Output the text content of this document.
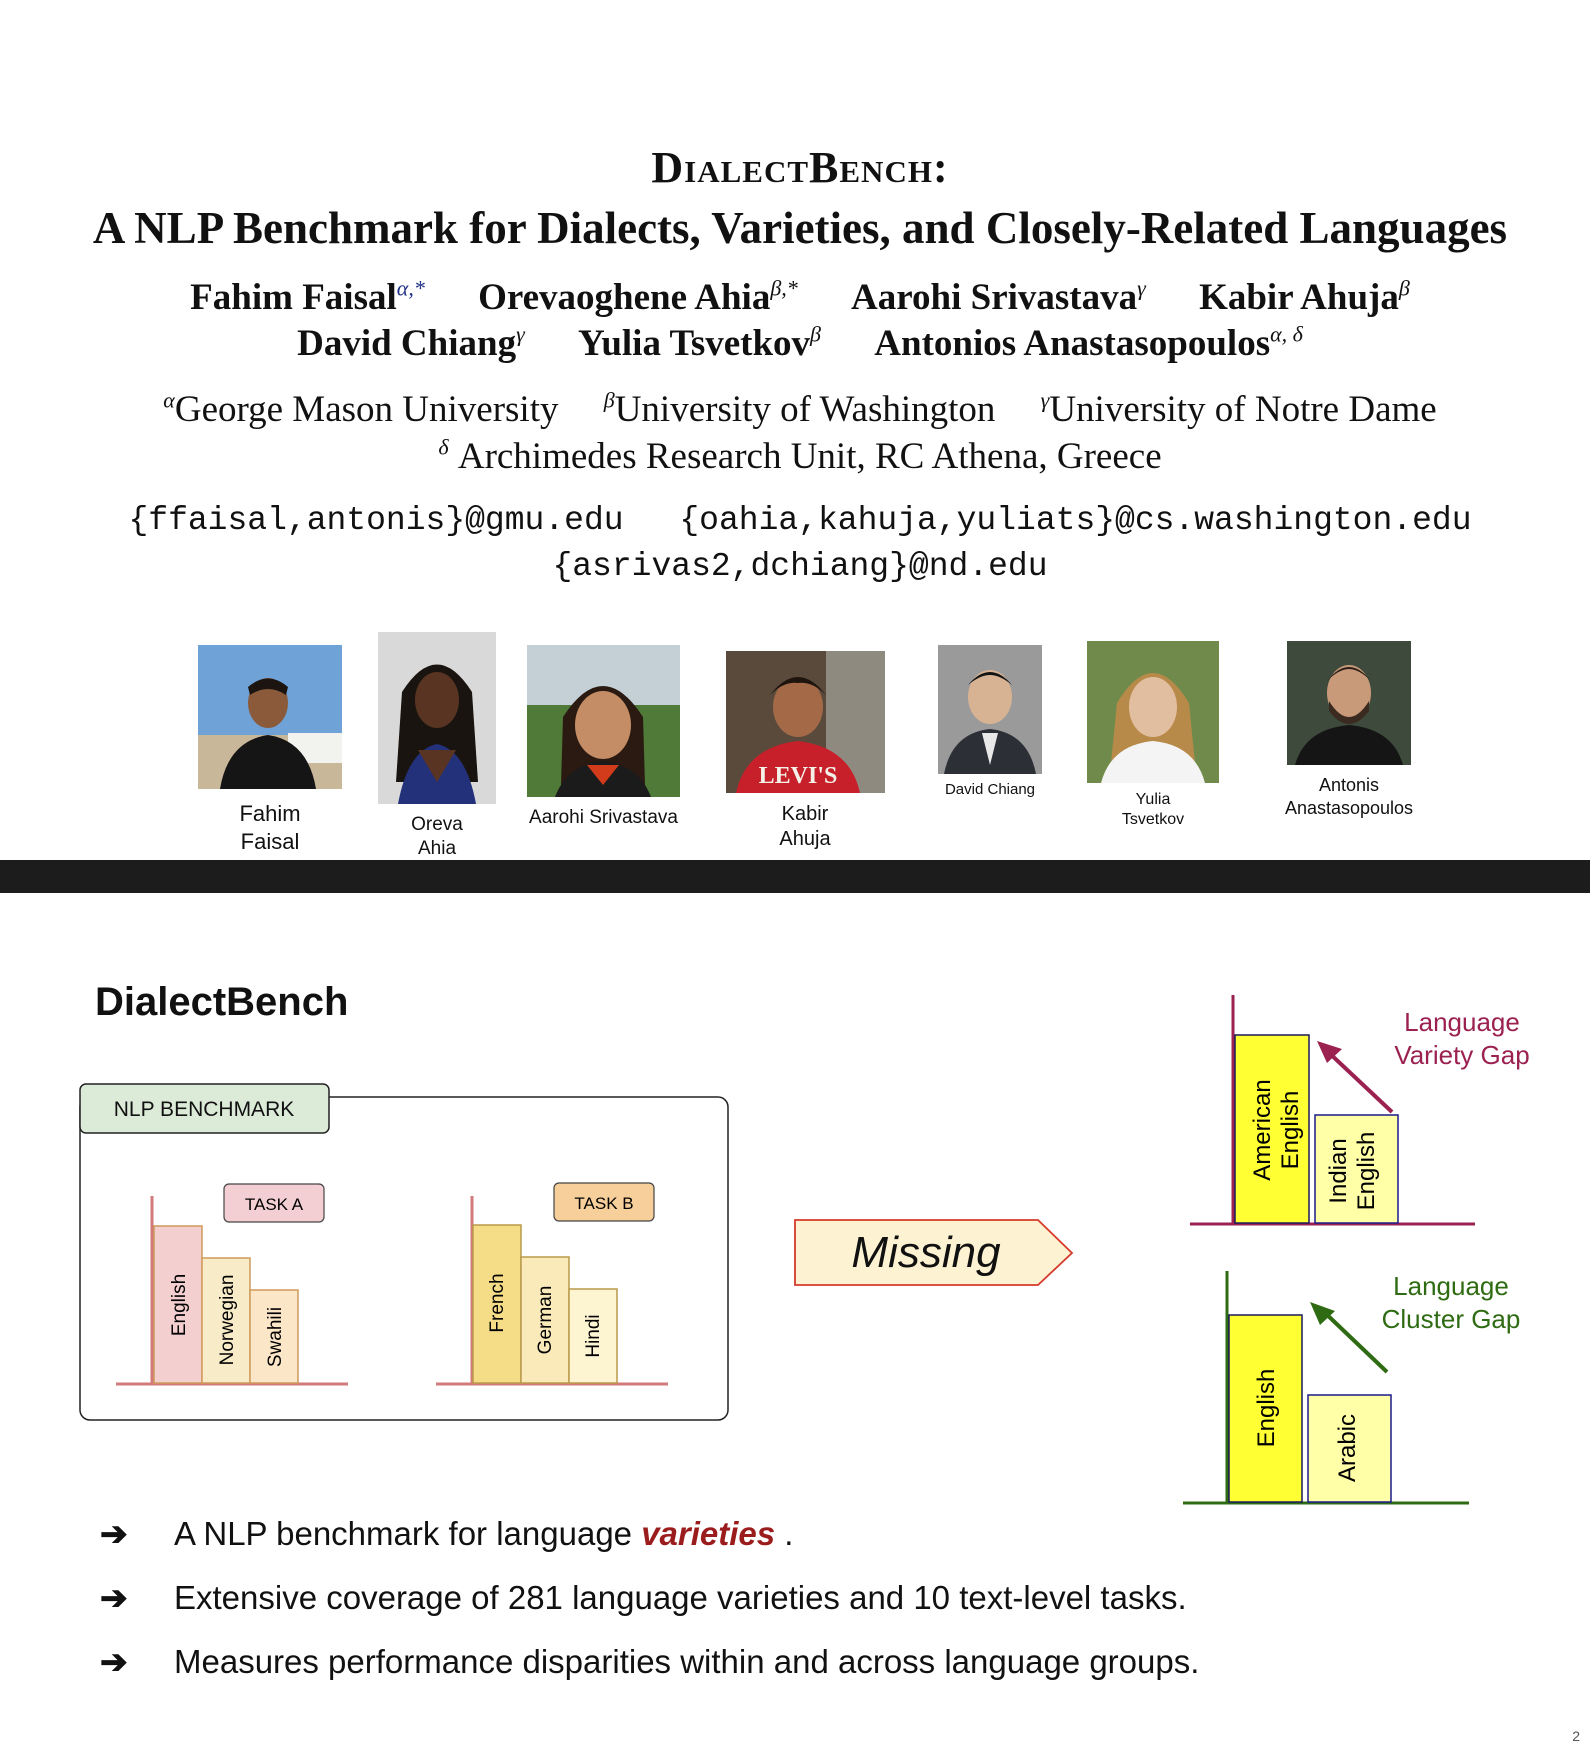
DialectBench:
A NLP Benchmark for Dialects, Varieties, and Closely-Related Languages
Fahim Faisal$^{\alpha,*}$ Orevaoghene Ahia$^{\beta,*}$ Aarohi Srivastava$^\gamma$ Kabir Ahuja$^\beta$
David Chiang$^\gamma$ Yulia Tsvetkov$^\beta$ Antonios Anastasopoulos$^{\alpha, \delta}$
$^\alpha$George Mason University $^\beta$University of Washington $^\gamma$University of Notre Dame
$^\delta$ Archimedes Research Unit, RC Athena, Greece
{ffaisal,antonis}@gmu.edu {oahia,kahuja,yuliats}@cs.washington.edu
{asrivas2,dchiang}@nd.edu
Fahim
Faisal
Oreva
Ahia
Aarohi Srivastava
LEVI'S
Kabir
Ahuja
David Chiang
Yulia
Tsvetkov
Antonis
Anastasopoulos
DialectBench
NLP BENCHMARK
English Norwegian Swahili
TASK A
French German Hindi
TASK B
Missing
American English
Indian English
Language
Variety Gap
English
Arabic
Language
Cluster Gap
➔ A NLP benchmark for language varieties .
➔ Extensive coverage of 281 language varieties and 10 text-level tasks.
➔ Measures performance disparities within and across language groups.
2
